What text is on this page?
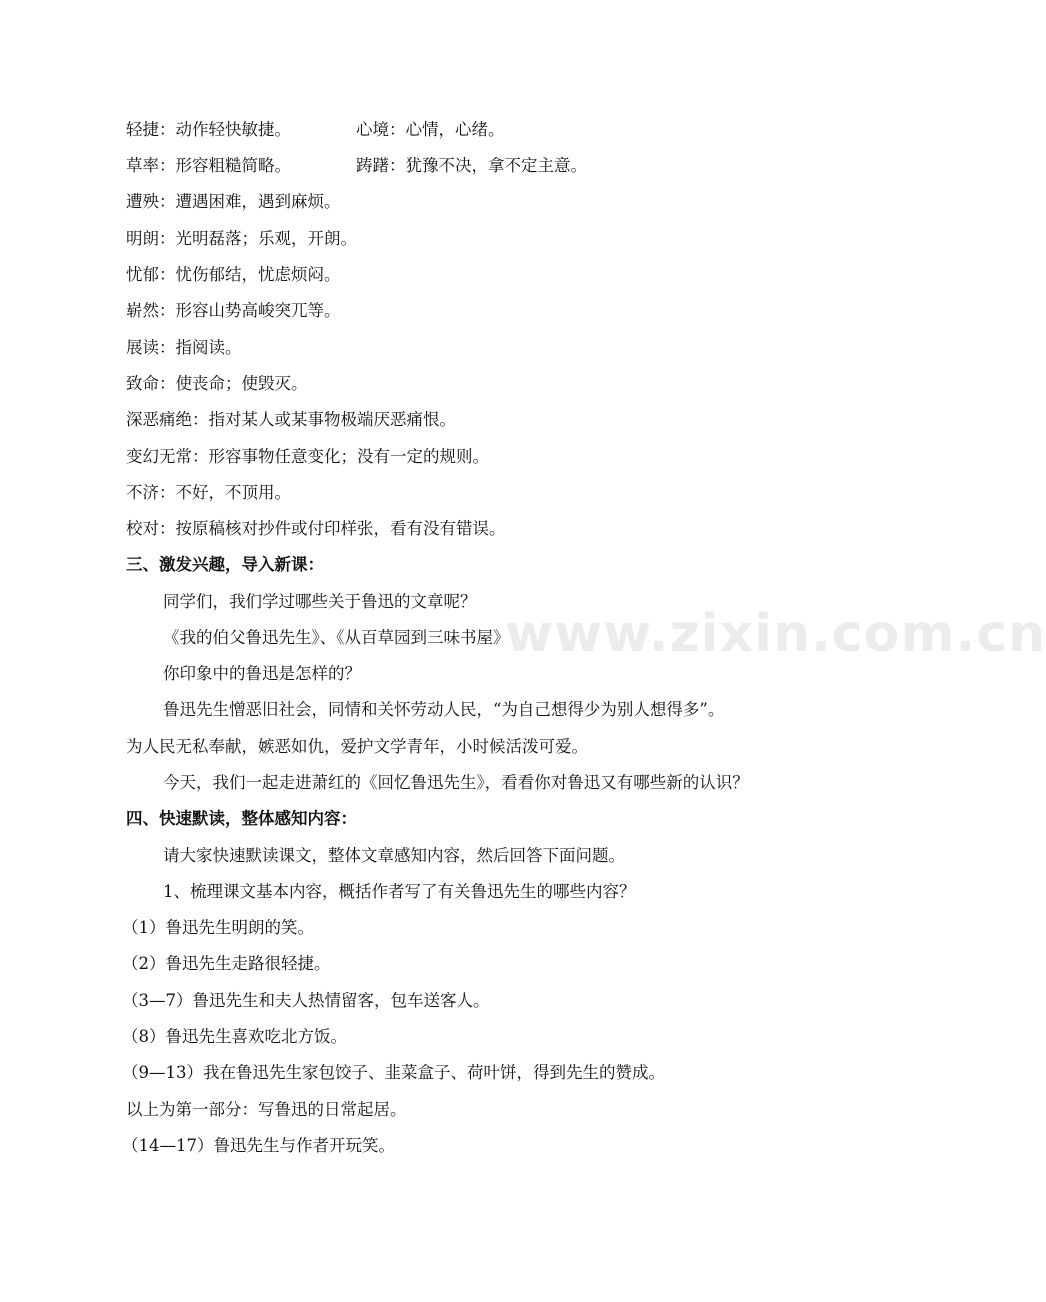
轻捷：动作轻快敏捷。	心境：心情，心绪。
草率：形容粗糙简略。	踌躇：犹豫不决，拿不定主意。
遭殃：遭遇困难，遇到麻烦。
明朗：光明磊落；乐观，开朗。
忧郁：忧伤郁结，忧虑烦闷。
崭然：形容山势高峻突兀等。
展读：指阅读。
致命：使丧命；使毁灭。
深恶痛绝：指对某人或某事物极端厌恶痛恨。
变幻无常：形容事物任意变化；没有一定的规则。
不济：不好，不顶用。
校对：按原稿核对抄件或付印样张，看有没有错误。
三、激发兴趣，导入新课：
同学们，我们学过哪些关于鲁迅的文章呢？
《我的伯父鲁迅先生》、《从百草园到三味书屋》
你印象中的鲁迅是怎样的？
鲁迅先生憎恶旧社会，同情和关怀劳动人民，“为自己想得少为别人想得多”。
为人民无私奉献，嫉恶如仇，爱护文学青年，小时候活泼可爱。
今天，我们一起走进萧红的《回忆鲁迅先生》，看看你对鲁迅又有哪些新的认识？
四、快速默读，整体感知内容：
请大家快速默读课文，整体文章感知内容，然后回答下面问题。
1、梳理课文基本内容，概括作者写了有关鲁迅先生的哪些内容？
（1）鲁迅先生明朗的笑。
（2）鲁迅先生走路很轻捷。
（3—7）鲁迅先生和夫人热情留客，包车送客人。
（8）鲁迅先生喜欢吃北方饭。
（9—13）我在鲁迅先生家包饺子、韭菜盒子、荷叶饼，得到先生的赞成。
以上为第一部分：写鲁迅的日常起居。
（14—17）鲁迅先生与作者开玩笑。
www.zixin.com.cn
